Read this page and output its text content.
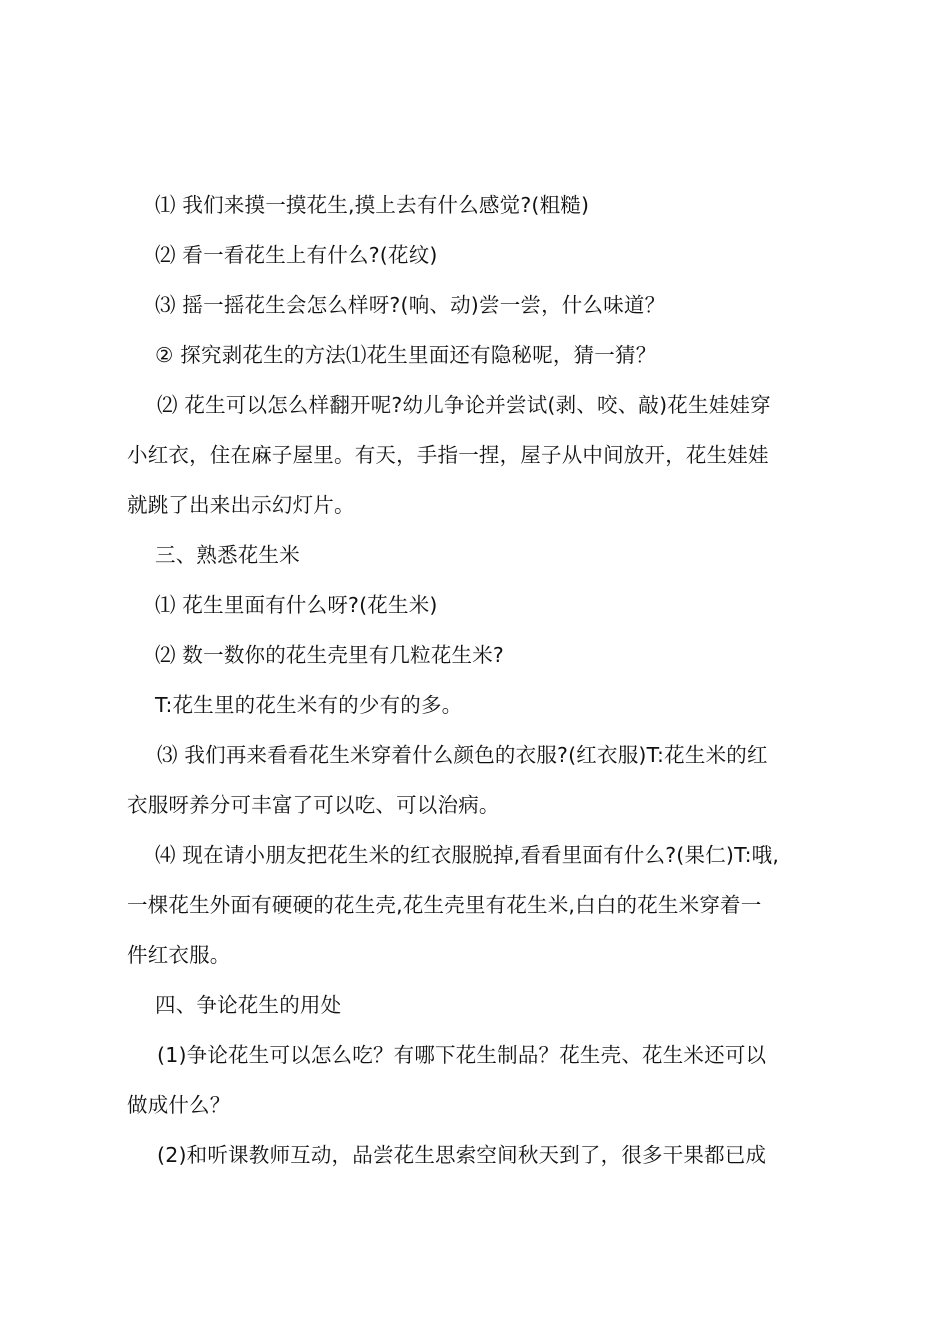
⑴ 我们来摸一摸花生,摸上去有什么感觉?(粗糙)
⑵ 看一看花生上有什么?(花纹)
⑶ 摇一摇花生会怎么样呀?(响、动)尝一尝，什么味道？
② 探究剥花生的方法⑴花生里面还有隐秘呢，猜一猜？
⑵ 花生可以怎么样翻开呢?幼儿争论并尝试(剥、咬、敲)花生娃娃穿
小红衣，住在麻子屋里。有天，手指一捏，屋子从中间放开，花生娃娃
就跳了出来出示幻灯片。
三、熟悉花生米
⑴ 花生里面有什么呀?(花生米)
⑵ 数一数你的花生壳里有几粒花生米?
T:花生里的花生米有的少有的多。
⑶ 我们再来看看花生米穿着什么颜色的衣服?(红衣服)T:花生米的红
衣服呀养分可丰富了可以吃、可以治病。
⑷ 现在请小朋友把花生米的红衣服脱掉,看看里面有什么?(果仁)T:哦,
一棵花生外面有硬硬的花生壳,花生壳里有花生米,白白的花生米穿着一
件红衣服。
四、争论花生的用处
(1)争论花生可以怎么吃？有哪下花生制品？花生壳、花生米还可以
做成什么？
(2)和听课教师互动，品尝花生思索空间秋天到了，很多干果都已成
